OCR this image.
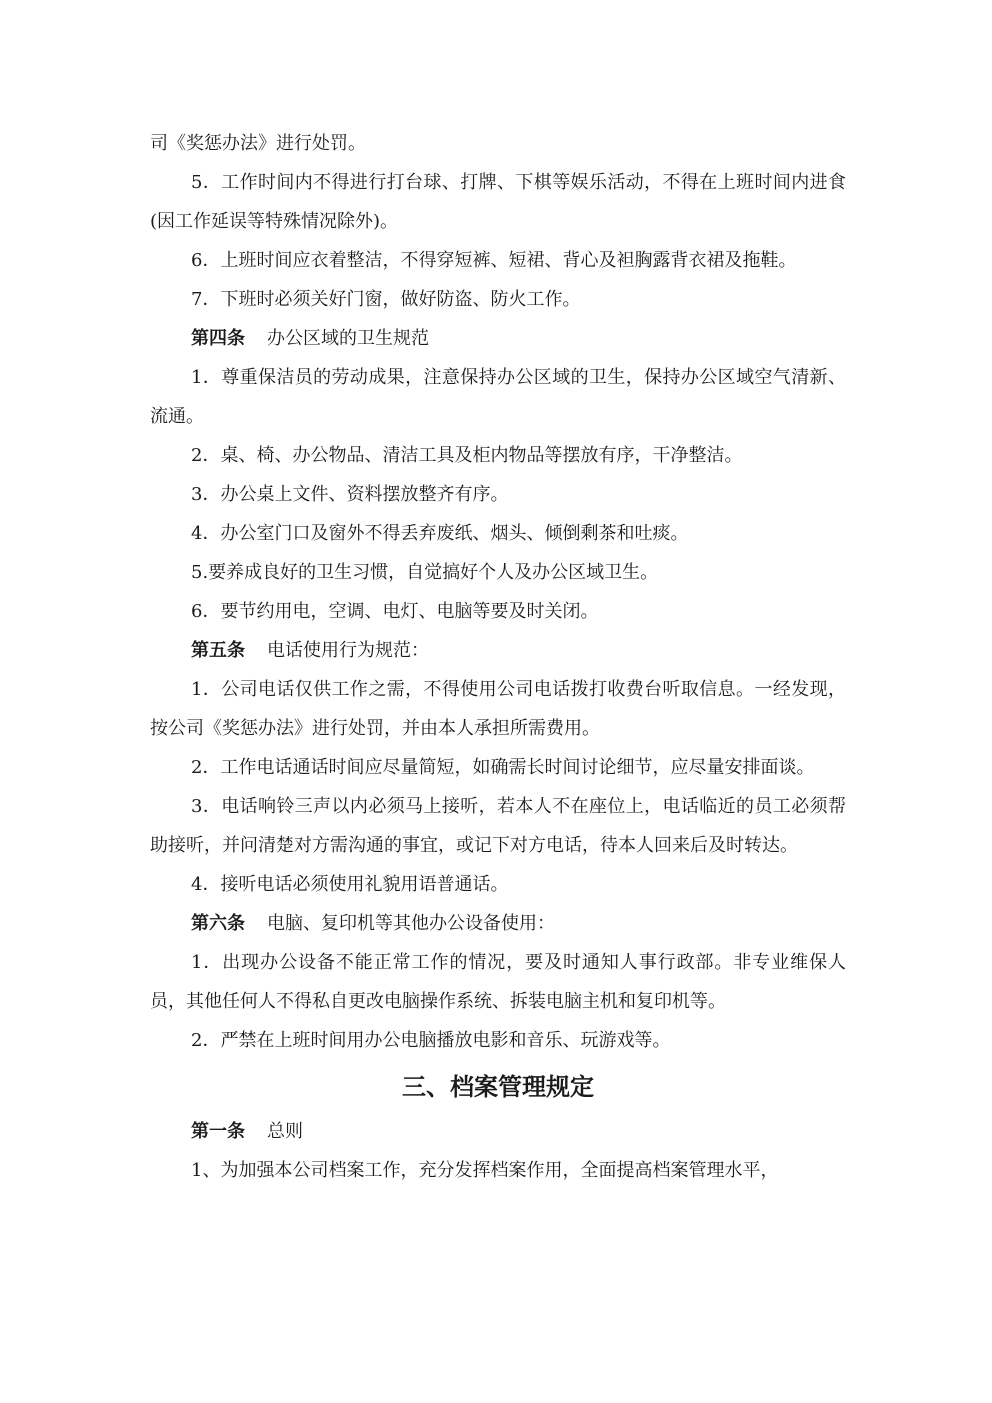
司《奖惩办法》进行处罚。

5．工作时间内不得进行打台球、打牌、下棋等娱乐活动，不得在上班时间内进食(因工作延误等特殊情况除外)。

6．上班时间应衣着整洁，不得穿短裤、短裙、背心及袒胸露背衣裙及拖鞋。

7．下班时必须关好门窗，做好防盗、防火工作。

第四条 办公区域的卫生规范

1．尊重保洁员的劳动成果，注意保持办公区域的卫生，保持办公区域空气清新、流通。

2．桌、椅、办公物品、清洁工具及柜内物品等摆放有序，干净整洁。

3．办公桌上文件、资料摆放整齐有序。

4．办公室门口及窗外不得丢弃废纸、烟头、倾倒剩茶和吐痰。

5.要养成良好的卫生习惯，自觉搞好个人及办公区域卫生。

6．要节约用电，空调、电灯、电脑等要及时关闭。

第五条 电话使用行为规范：

1．公司电话仅供工作之需，不得使用公司电话拨打收费台听取信息。一经发现，按公司《奖惩办法》进行处罚，并由本人承担所需费用。

2．工作电话通话时间应尽量简短，如确需长时间讨论细节，应尽量安排面谈。

3．电话响铃三声以内必须马上接听，若本人不在座位上，电话临近的员工必须帮助接听，并问清楚对方需沟通的事宜，或记下对方电话，待本人回来后及时转达。

4．接听电话必须使用礼貌用语普通话。

第六条 电脑、复印机等其他办公设备使用：

1．出现办公设备不能正常工作的情况，要及时通知人事行政部。非专业维保人员，其他任何人不得私自更改电脑操作系统、拆装电脑主机和复印机等。

2．严禁在上班时间用办公电脑播放电影和音乐、玩游戏等。

三、档案管理规定

第一条 总则

1、为加强本公司档案工作，充分发挥档案作用，全面提高档案管理水平，
